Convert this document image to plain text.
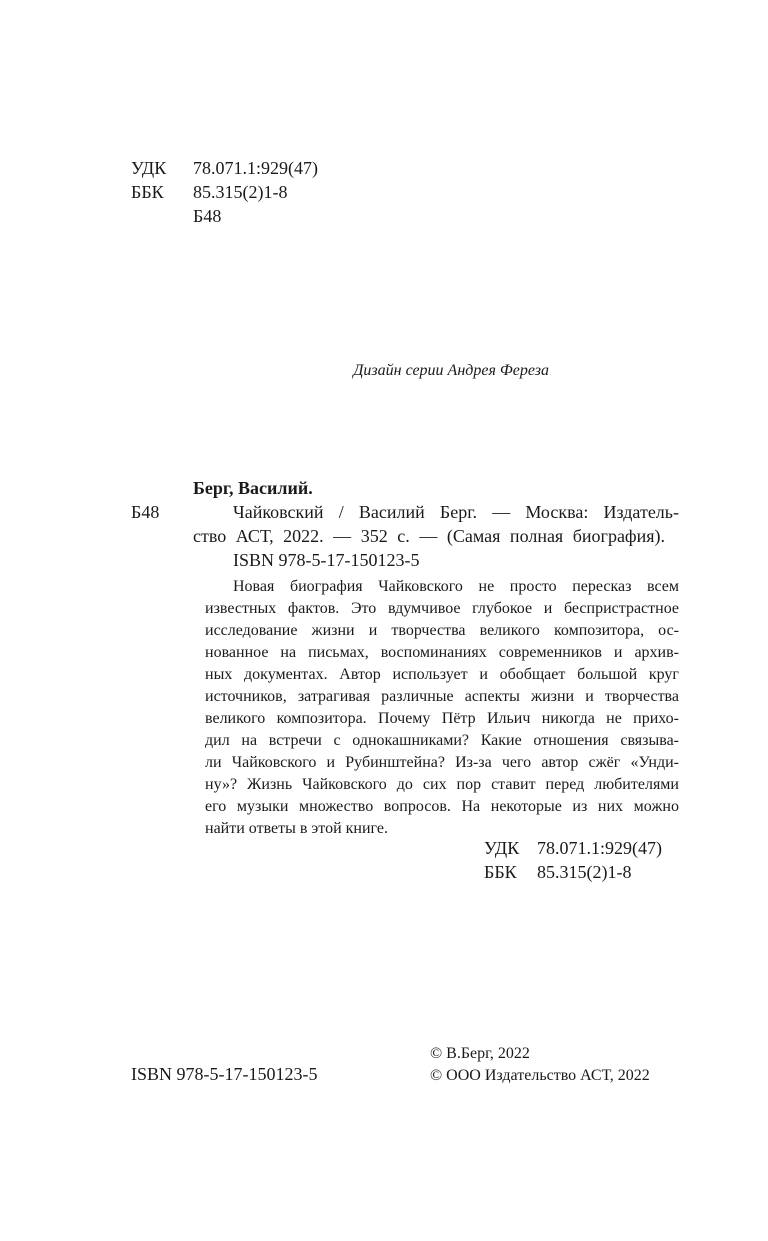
УДК 78.071.1:929(47)
ББК 85.315(2)1-8
Б48
Дизайн серии Андрея Фереза
Берг, Василий.
Б48	Чайковский / Василий Берг. — Москва: Издатель-
ство АСТ, 2022. — 352 с. — (Самая полная биография).
ISBN 978-5-17-150123-5
Новая биография Чайковского не просто пересказ всем
известных фактов. Это вдумчивое глубокое и беспристрастное
исследование жизни и творчества великого композитора, ос-
нованное на письмах, воспоминаниях современников и архив-
ных документах. Автор использует и обобщает большой круг
источников, затрагивая различные аспекты жизни и творчества
великого композитора. Почему Пётр Ильич никогда не прихо-
дил на встречи с однокашниками? Какие отношения связыва-
ли Чайковского и Рубинштейна? Из-за чего автор сжёг «Унди-
ну»? Жизнь Чайковского до сих пор ставит перед любителями
его музыки множество вопросов. На некоторые из них можно
найти ответы в этой книге.
УДК 78.071.1:929(47)
ББК 85.315(2)1-8
ISBN 978-5-17-150123-5
© В.Берг, 2022
© ООО Издательство АСТ, 2022
